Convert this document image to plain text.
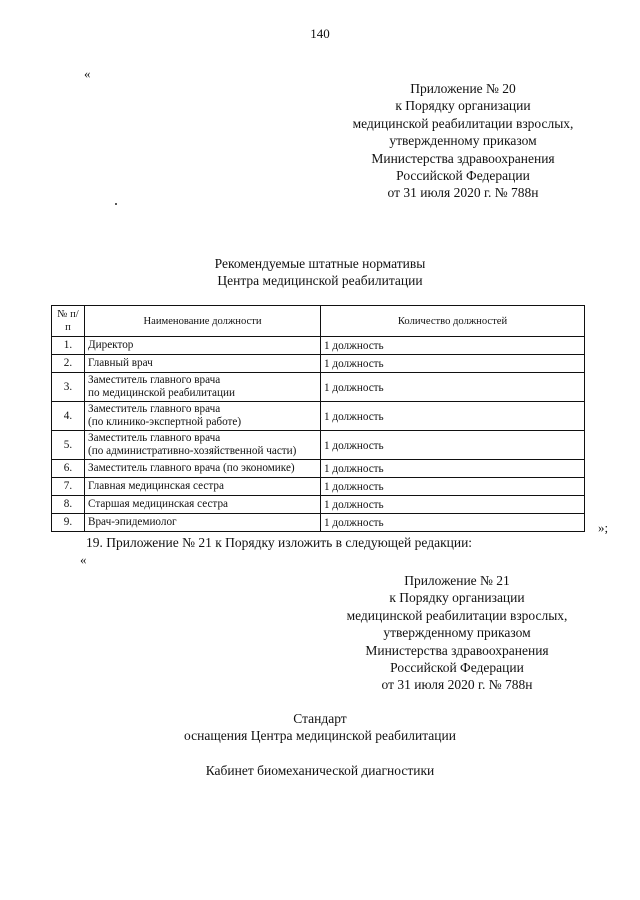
140
«
Приложение № 20
к Порядку организации
медицинской реабилитации взрослых,
утвержденному приказом
Министерства здравоохранения
Российской Федерации
от 31 июля 2020 г. № 788н
Рекомендуемые штатные нормативы
Центра медицинской реабилитации
№ п/п	Наименование должности	Количество должностей
1.	Директор	1 должность
2.	Главный врач	1 должность
3.	Заместитель главного врача
по медицинской реабилитации	1 должность
4.	Заместитель главного врача
(по клинико-экспертной работе)	1 должность
5.	Заместитель главного врача
(по административно-хозяйственной части)	1 должность
6.	Заместитель главного врача (по экономике)	1 должность
7.	Главная медицинская сестра	1 должность
8.	Старшая медицинская сестра	1 должность
9.	Врач-эпидемиолог	1 должность	»;
19. Приложение № 21 к Порядку изложить в следующей редакции:
«
Приложение № 21
к Порядку организации
медицинской реабилитации взрослых,
утвержденному приказом
Министерства здравоохранения
Российской Федерации
от 31 июля 2020 г. № 788н
Стандарт
оснащения Центра медицинской реабилитации
Кабинет биомеханической диагностики
